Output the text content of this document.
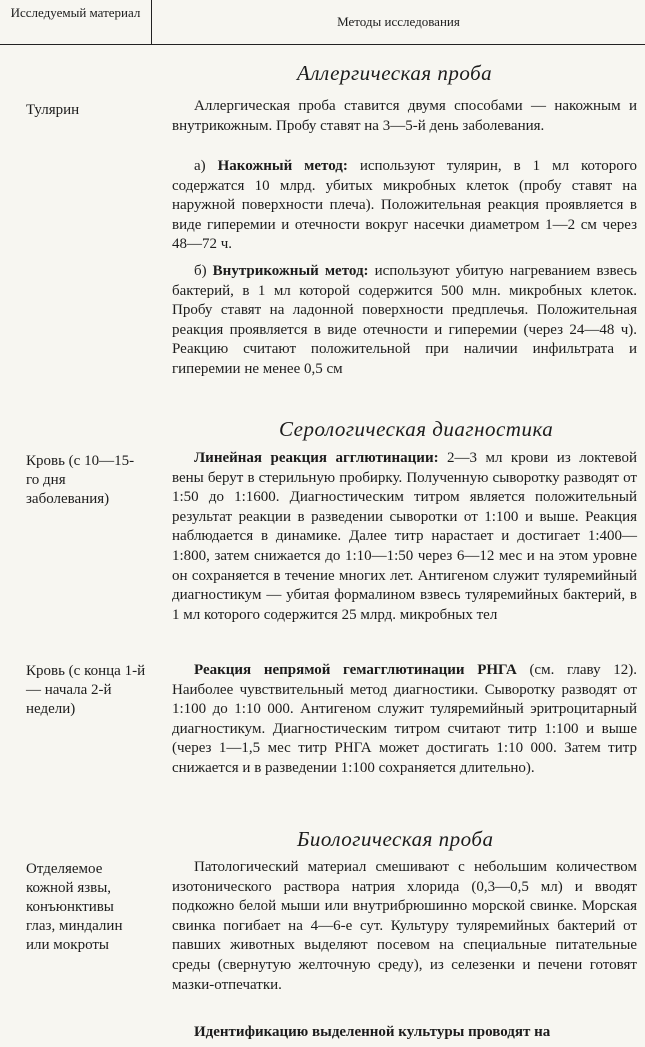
Исследуемый материал
Методы исследования
Аллергическая проба
Тулярин	Аллергическая проба ставится двумя способами — накожным и внутрикожным. Пробу ставят на 3—5-й день заболевания.
а) Накожный метод: используют тулярин, в 1 мл которого содержатся 10 млрд. убитых микробных клеток (пробу ставят на наружной поверхности плеча). Положительная реакция проявляется в виде гиперемии и отечности вокруг насечки диаметром 1—2 см через 48—72 ч.
б) Внутрикожный метод: используют убитую нагреванием взвесь бактерий, в 1 мл которой содержится 500 млн. микробных клеток. Пробу ставят на ладонной поверхности предплечья. Положительная реакция проявляется в виде отечности и гиперемии (через 24—48 ч). Реакцию считают положительной при наличии инфильтрата и гиперемии не менее 0,5 см
Серологическая диагностика
Кровь (с 10—15-го дня заболевания)
Линейная реакция агглютинации: 2—3 мл крови из локтевой вены берут в стерильную пробирку. Полученную сыворотку разводят от 1:50 до 1:1600. Диагностическим титром является положительный результат реакции в разведении сыворотки от 1:100 и выше. Реакция наблюдается в динамике. Далее титр нарастает и достигает 1:400—1:800, затем снижается до 1:10—1:50 через 6—12 мес и на этом уровне он сохраняется в течение многих лет. Антигеном служит туляремийный диагностикум — убитая формалином взвесь туляремийных бактерий, в 1 мл которого содержится 25 млрд. микробных тел
Кровь (с конца 1-й — начала 2-й недели)
Реакция непрямой гемагглютинации РНГА (см. главу 12). Наиболее чувствительный метод диагностики. Сыворотку разводят от 1:100 до 1:10 000. Антигеном служит туляремийный эритроцитарный диагностикум. Диагностическим титром считают титр 1:100 и выше (через 1—1,5 мес титр РНГА может достигать 1:10 000. Затем титр снижается и в разведении 1:100 сохраняется длительно).
Биологическая проба
Отделяемое кожной язвы, конъюнктивы глаз, миндалин или мокроты
Патологический материал смешивают с небольшим количеством изотонического раствора натрия хлорида (0,3—0,5 мл) и вводят подкожно белой мыши или внутрибрюшинно морской свинке. Морская свинка погибает на 4—6-е сут. Культуру туляремийных бактерий от павших животных выделяют посевом на специальные питательные среды (свернутую желточную среду), из селезенки и печени готовят мазки-отпечатки.
Идентификацию выделенной культуры проводят на
